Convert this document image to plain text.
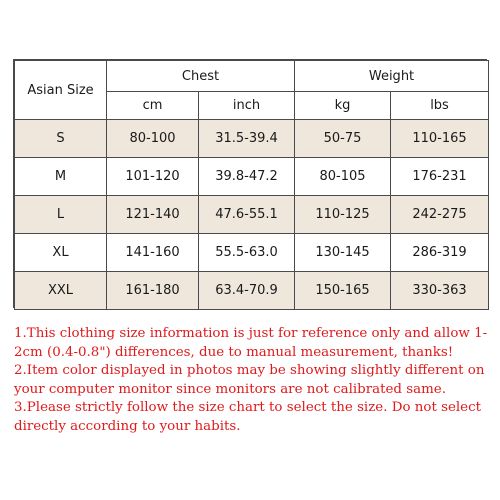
Asian Size	Chest		Weight	
	cm	inch	kg	lbs
S	80-100	31.5-39.4	50-75	110-165
M	101-120	39.8-47.2	80-105	176-231
L	121-140	47.6-55.1	110-125	242-275
XL	141-160	55.5-63.0	130-145	286-319
XXL	161-180	63.4-70.9	150-165	330-363

1.This clothing size information is just for reference only and allow 1-2cm (0.4-0.8") differences, due to manual measurement, thanks!

2.Item color displayed in photos may be showing slightly different on your computer monitor since monitors are not calibrated same.

3.Please strictly follow the size chart to select the size. Do not select directly according to your habits.
